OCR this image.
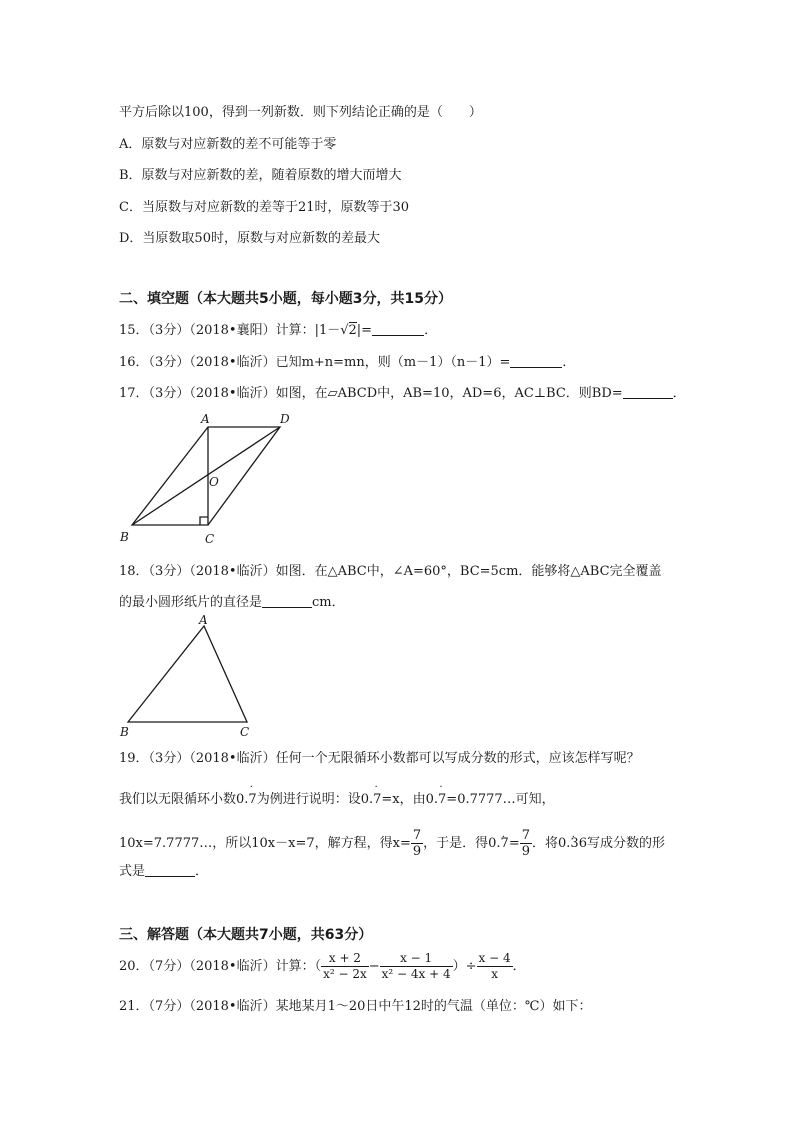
平方后除以100，得到一列新数．则下列结论正确的是（　　）
A．原数与对应新数的差不可能等于零
B．原数与对应新数的差，随着原数的增大而增大
C．当原数与对应新数的差等于21时，原数等于30
D．当原数取50时，原数与对应新数的差最大
二、填空题（本大题共5小题，每小题3分，共15分）
15．（3分）（2018•襄阳）计算：|1－√2|=	．
16．（3分）（2018•临沂）已知m+n=mn，则（m－1）（n－1）=	．
17．（3分）（2018•临沂）如图，在▱ABCD中，AB=10，AD=6，AC⊥BC．则BD=	．
A	D
O
B	C
18．（3分）（2018•临沂）如图．在△ABC中，∠A=60°，BC=5cm．能够将△ABC完全覆盖
的最小圆形纸片的直径是	cm．
A
B	C
19．（3分）（2018•临沂）任何一个无限循环小数都可以写成分数的形式，应该怎样写呢？
我们以无限循环小数0.˙ 7为例进行说明：设0.˙ 7=x，由0.˙ 7=0.7777…可知，
10x=7.7777…，所以10x－x=7，解方程，得$x= \frac{7}{9}$ ，于是．得0.˙ $7= \frac{7}{9}$ ．将0.˙ 36写成分数的形
式是	．
三、解答题（本大题共7小题，共63分）
20．（7分）（2018•临沂）计算：（ $\frac{x + 2}{\text{x² − 2x}} - \frac{x - 1}{\text{x² − 4x + 4}}$ ）÷ $\frac{x - 4}{x}$ ．
21．（7分）（2018•临沂）某地某月1～20日中午12时的气温（单位：℃）如下：
